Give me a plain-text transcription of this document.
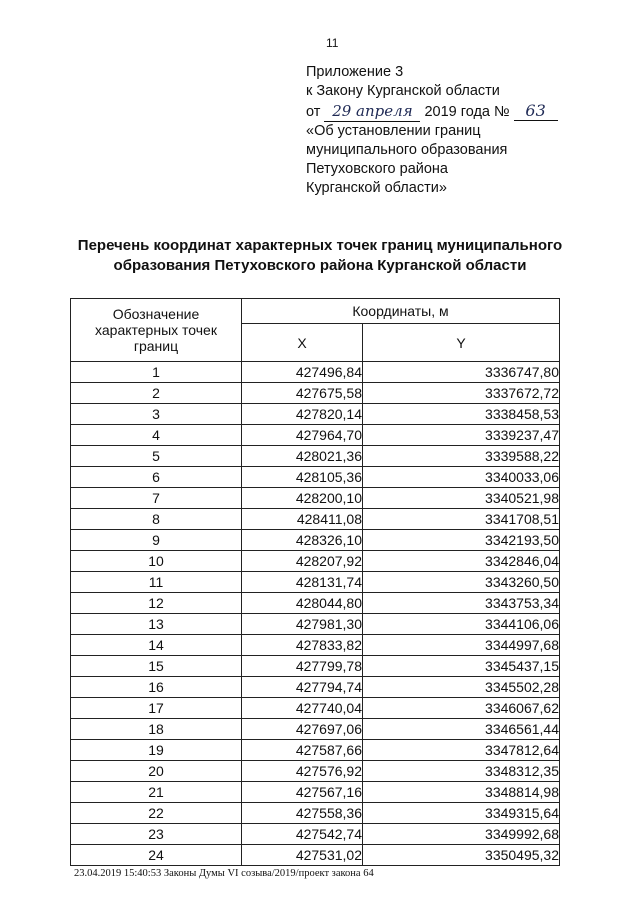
11
Приложение 3
к Закону Курганской области
от 29 апреля 2019 года № 63
«Об установлении границ
муниципального образования
Петуховского района
Курганской области»
Перечень координат характерных точек границ муниципального
образования Петуховского района Курганской области
Обозначение характерных точек границ	Координаты, м	
	X	Y
1	427496,84	3336747,80
2	427675,58	3337672,72
3	427820,14	3338458,53
4	427964,70	3339237,47
5	428021,36	3339588,22
6	428105,36	3340033,06
7	428200,10	3340521,98
8	428411,08	3341708,51
9	428326,10	3342193,50
10	428207,92	3342846,04
11	428131,74	3343260,50
12	428044,80	3343753,34
13	427981,30	3344106,06
14	427833,82	3344997,68
15	427799,78	3345437,15
16	427794,74	3345502,28
17	427740,04	3346067,62
18	427697,06	3346561,44
19	427587,66	3347812,64
20	427576,92	3348312,35
21	427567,16	3348814,98
22	427558,36	3349315,64
23	427542,74	3349992,68
24	427531,02	3350495,32
23.04.2019 15:40:53 Законы Думы VI созыва/2019/проект закона 64
